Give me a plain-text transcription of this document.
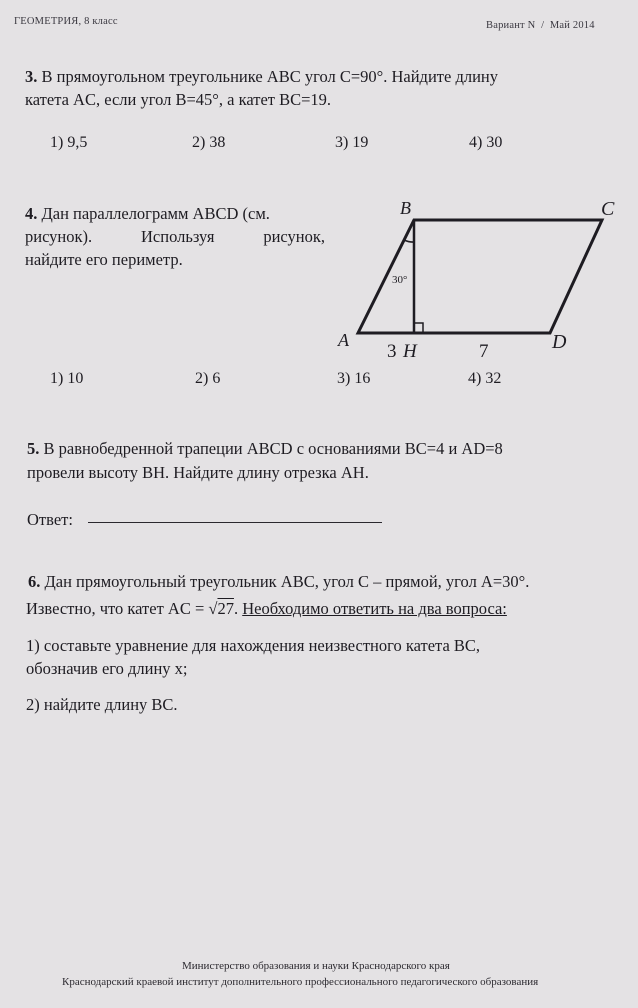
ГЕОМЕТРИЯ, 8 класс	Вариант N  /  Май 2014
3. В прямоугольном треугольнике ABC угол C=90°. Найдите длину
катета AC, если угол B=45°, а катет BC=19.
1) 9,5	2) 38	3) 19	4) 30
4. Дан параллелограмм ABCD (см.
рисунок).	Используя	рисунок,
найдите его периметр.
B	C
A	D
H
30°
3	7
1) 10	2) 6	3) 16	4) 32
5. В равнобедренной трапеции ABCD с основаниями BC=4 и AD=8
провели высоту BH. Найдите длину отрезка AH.
Ответ:
6. Дан прямоугольный треугольник ABC, угол C – прямой, угол A=30°.
Известно, что катет AC = √27. Необходимо ответить на два вопроса:
1) составьте уравнение для нахождения неизвестного катета BC,
обозначив его длину x;
2) найдите длину BC.
Министерство образования и науки Краснодарского края
Краснодарский краевой институт дополнительного профессионального педагогического образования
